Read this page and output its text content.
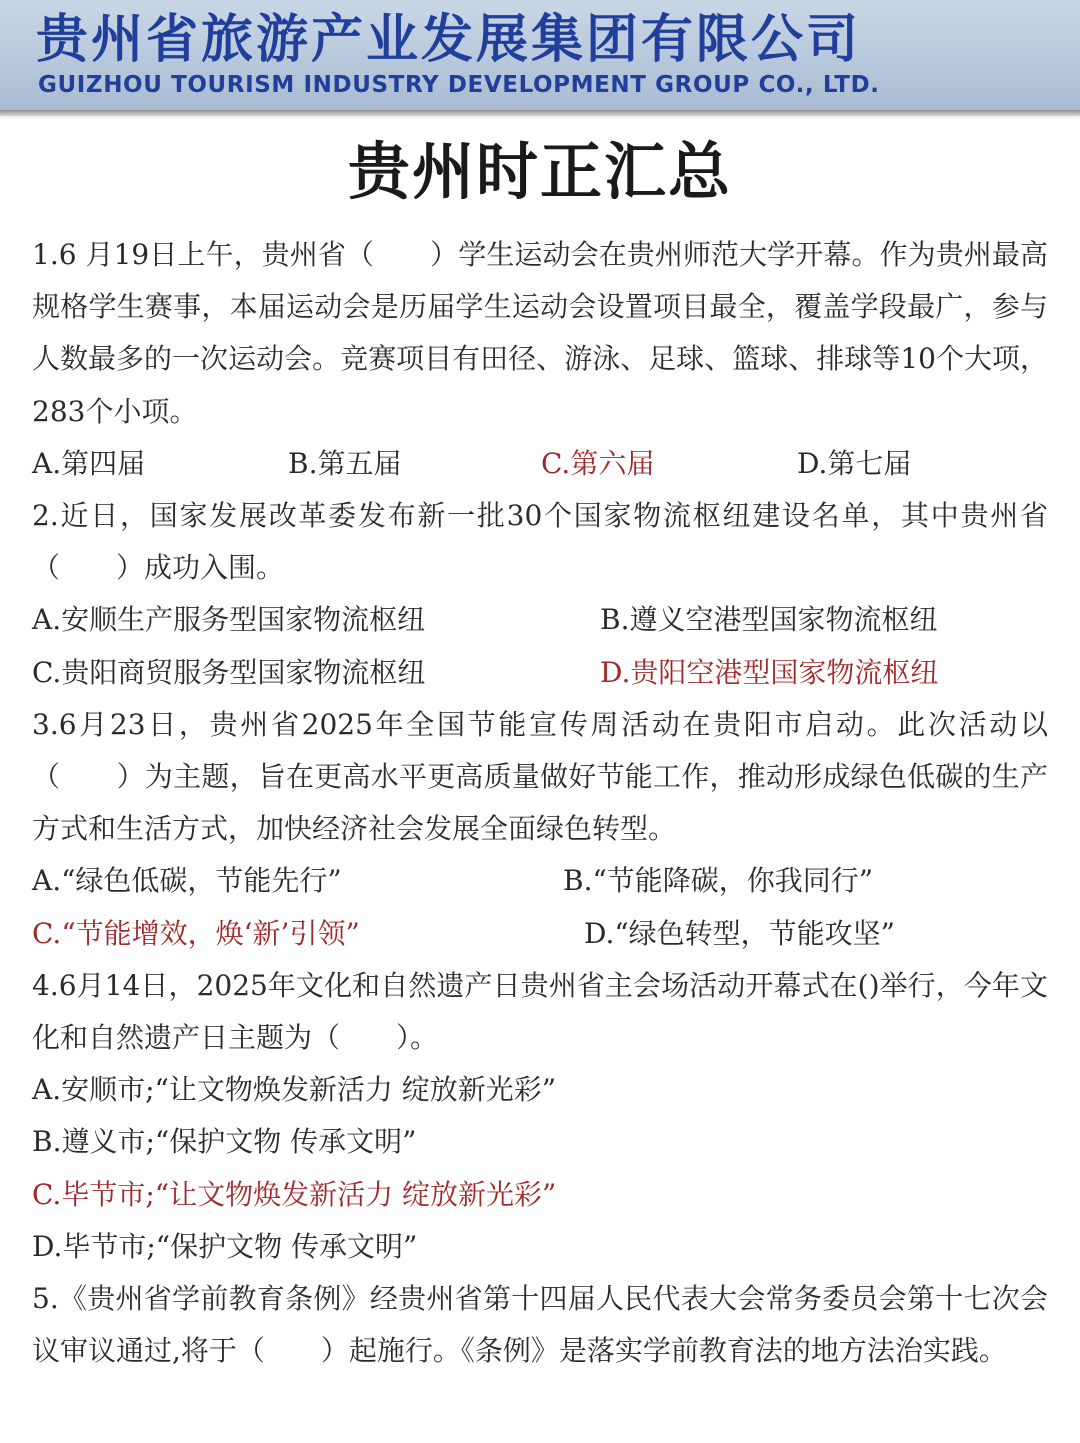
贵州省旅游产业发展集团有限公司
GUIZHOU TOURISM INDUSTRY DEVELOPMENT GROUP CO., LTD.
贵州时正汇总
1.6 月19日上午，贵州省（　　）学生运动会在贵州师范大学开幕。作为贵州最高规格学生赛事，本届运动会是历届学生运动会设置项目最全，覆盖学段最广，参与人数最多的一次运动会。竞赛项目有田径、游泳、足球、篮球、排球等10个大项，283个小项。
A.第四届	B.第五届	C.第六届	D.第七届
2.近日，国家发展改革委发布新一批30个国家物流枢纽建设名单，其中贵州省（　　）成功入围。
A.安顺生产服务型国家物流枢纽	B.遵义空港型国家物流枢纽
C.贵阳商贸服务型国家物流枢纽	D.贵阳空港型国家物流枢纽
3.6月23日，贵州省2025年全国节能宣传周活动在贵阳市启动。此次活动以（　　）为主题，旨在更高水平更高质量做好节能工作，推动形成绿色低碳的生产方式和生活方式，加快经济社会发展全面绿色转型。
A.“绿色低碳，节能先行”	B.“节能降碳，你我同行”
C.“节能增效，焕‘新’引领”	D.“绿色转型，节能攻坚”
4.6月14日，2025年文化和自然遗产日贵州省主会场活动开幕式在()举行，今年文化和自然遗产日主题为（　　）。
A.安顺市;“让文物焕发新活力 绽放新光彩”
B.遵义市;“保护文物 传承文明”
C.毕节市;“让文物焕发新活力 绽放新光彩”
D.毕节市;“保护文物 传承文明”
5.《贵州省学前教育条例》经贵州省第十四届人民代表大会常务委员会第十七次会议审议通过,将于（　　）起施行。《条例》是落实学前教育法的地方法治实践。
